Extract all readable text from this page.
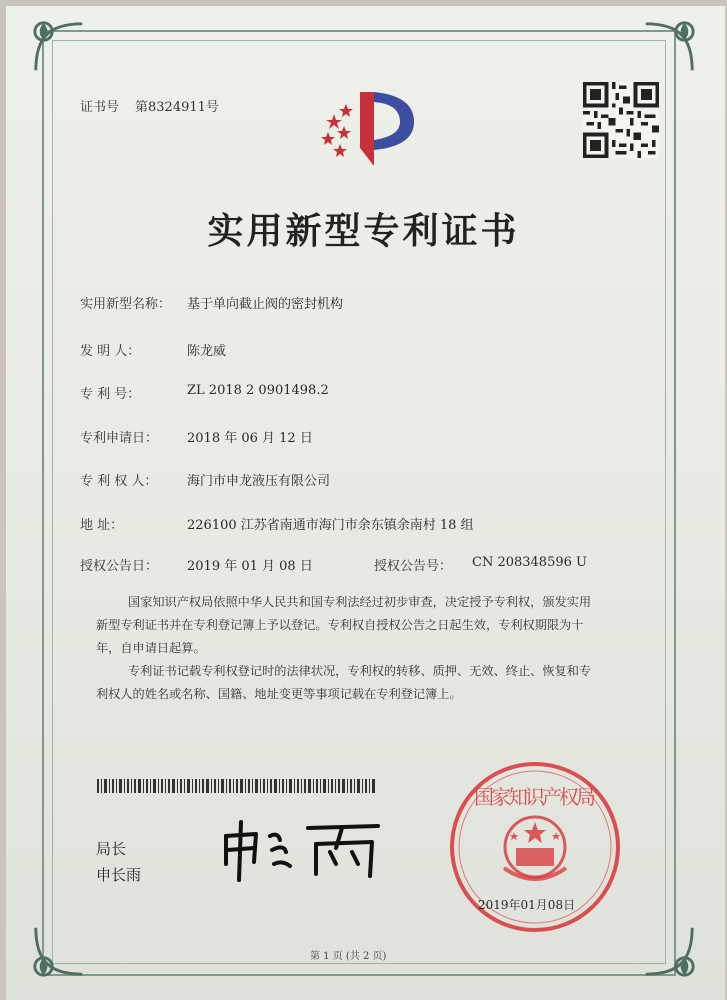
证书号 第8324911号
实用新型专利证书
实用新型名称： 基于单向截止阀的密封机构
发 明 人：	陈龙威
专 利 号：	ZL 2018 2 0901498.2
专利申请日： 2018 年 06 月 12 日
专 利 权 人： 海门市申龙液压有限公司
地 址：	226100 江苏省南通市海门市余东镇余南村 18 组
授权公告日： 2019 年 01 月 08 日	授权公告号： CN 208348596 U
国家知识产权局依照中华人民共和国专利法经过初步审查，决定授予专利权，颁发实用
新型专利证书并在专利登记簿上予以登记。专利权自授权公告之日起生效，专利权期限为十
年，自申请日起算。
专利证书记载专利权登记时的法律状况，专利权的转移、质押、无效、终止、恢复和专
利权人的姓名或名称、国籍、地址变更等事项记载在专利登记簿上。
局长
申长雨
国家知识产权局
2019年01月08日
第 1 页 (共 2 页)
